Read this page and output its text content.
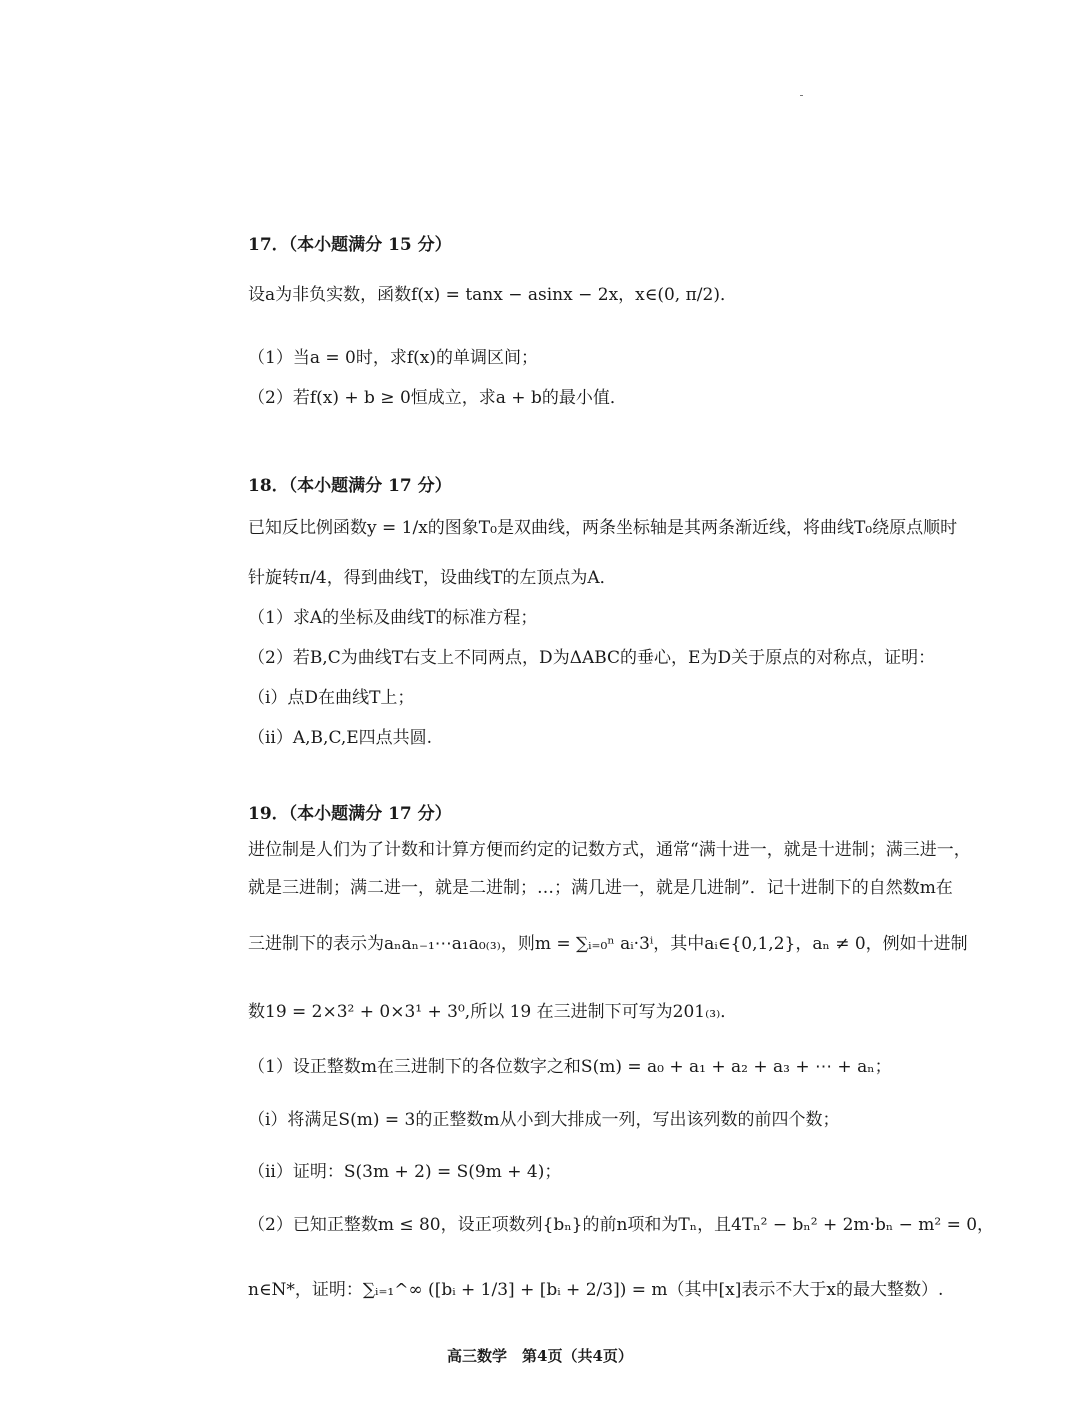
17．（本小题满分 15 分）
设a为非负实数，函数f(x) = tanx − asinx − 2x，x∈(0, π/2)．
（1）当a = 0时，求f(x)的单调区间；
（2）若f(x) + b ≥ 0恒成立，求a + b的最小值．
18．（本小题满分 17 分）
已知反比例函数y = 1/x的图象T₀是双曲线，两条坐标轴是其两条渐近线，将曲线T₀绕原点顺时
针旋转π/4，得到曲线T，设曲线T的左顶点为A．
（1）求A的坐标及曲线T的标准方程；
（2）若B,C为曲线T右支上不同两点，D为ΔABC的垂心，E为D关于原点的对称点，证明：
（i）点D在曲线T上；
（ii）A,B,C,E四点共圆.
19．（本小题满分 17 分）
进位制是人们为了计数和计算方便而约定的记数方式，通常“满十进一，就是十进制；满三进一，
就是三进制；满二进一，就是二进制；…；满几进一，就是几进制”．记十进制下的自然数m在
三进制下的表示为aₙaₙ₋₁⋯a₁a₀₍₃₎，则m = ∑ᵢ₌₀ⁿ aᵢ·3ⁱ，其中aᵢ∈{0,1,2}，aₙ ≠ 0，例如十进制
数19 = 2×3² + 0×3¹ + 3⁰,所以 19 在三进制下可写为201₍₃₎．
（1）设正整数m在三进制下的各位数字之和S(m) = a₀ + a₁ + a₂ + a₃ + ⋯ + aₙ；
（i）将满足S(m) = 3的正整数m从小到大排成一列，写出该列数的前四个数；
（ii）证明：S(3m + 2) = S(9m + 4)；
（2）已知正整数m ≤ 80，设正项数列{bₙ}的前n项和为Tₙ，且4Tₙ² − bₙ² + 2m·bₙ − m² = 0，
n∈N*，证明：∑ᵢ₌₁^∞ ([bᵢ + 1/3] + [bᵢ + 2/3]) = m（其中[x]表示不大于x的最大整数）.
高三数学　第4页（共4页）
